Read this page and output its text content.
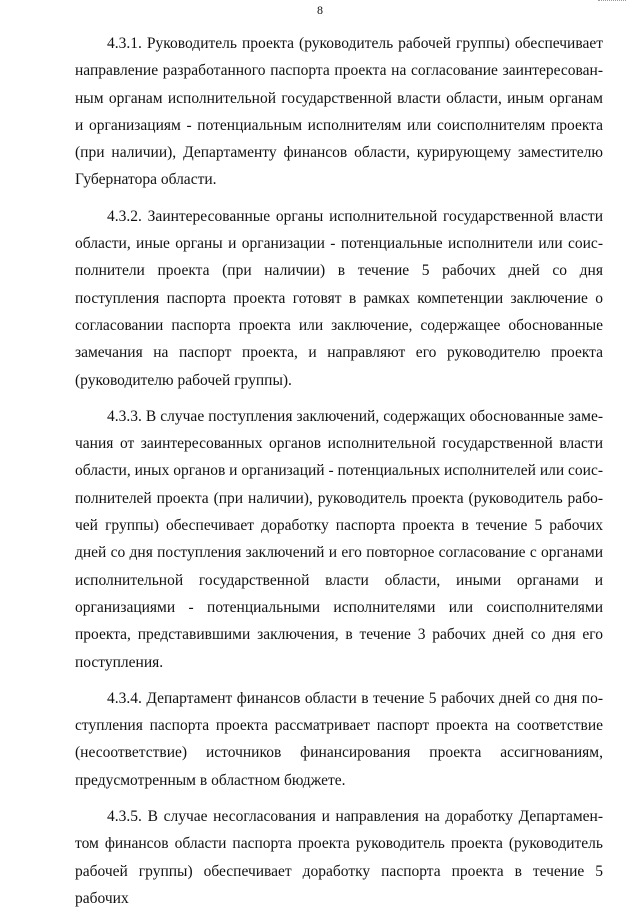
8

4.3.1. Руководитель проекта (руководитель рабочей группы) обеспечивает направление разработанного паспорта проекта на согласование заинтересованным органам исполнительной государственной власти области, иным органам и организациям - потенциальным исполнителям или соисполнителям проекта (при наличии), Департаменту финансов области, курирующему заместителю Губернатора области.

4.3.2. Заинтересованные органы исполнительной государственной власти области, иные органы и организации - потенциальные исполнители или соисполнители проекта (при наличии) в течение 5 рабочих дней со дня поступления паспорта проекта готовят в рамках компетенции заключение о согласовании паспорта проекта или заключение, содержащее обоснованные замечания на паспорт проекта, и направляют его руководителю проекта (руководителю рабочей группы).

4.3.3. В случае поступления заключений, содержащих обоснованные замечания от заинтересованных органов исполнительной государственной власти области, иных органов и организаций - потенциальных исполнителей или соисполнителей проекта (при наличии), руководитель проекта (руководитель рабочей группы) обеспечивает доработку паспорта проекта в течение 5 рабочих дней со дня поступления заключений и его повторное согласование с органами исполнительной государственной власти области, иными органами и организациями - потенциальными исполнителями или соисполнителями проекта, представившими заключения, в течение 3 рабочих дней со дня его поступления.

4.3.4. Департамент финансов области в течение 5 рабочих дней со дня поступления паспорта проекта рассматривает паспорт проекта на соответствие (несоответствие) источников финансирования проекта ассигнованиям, предусмотренным в областном бюджете.

4.3.5. В случае несогласования и направления на доработку Департаментом финансов области паспорта проекта руководитель проекта (руководитель рабочей группы) обеспечивает доработку паспорта проекта в течение 5 рабочих
